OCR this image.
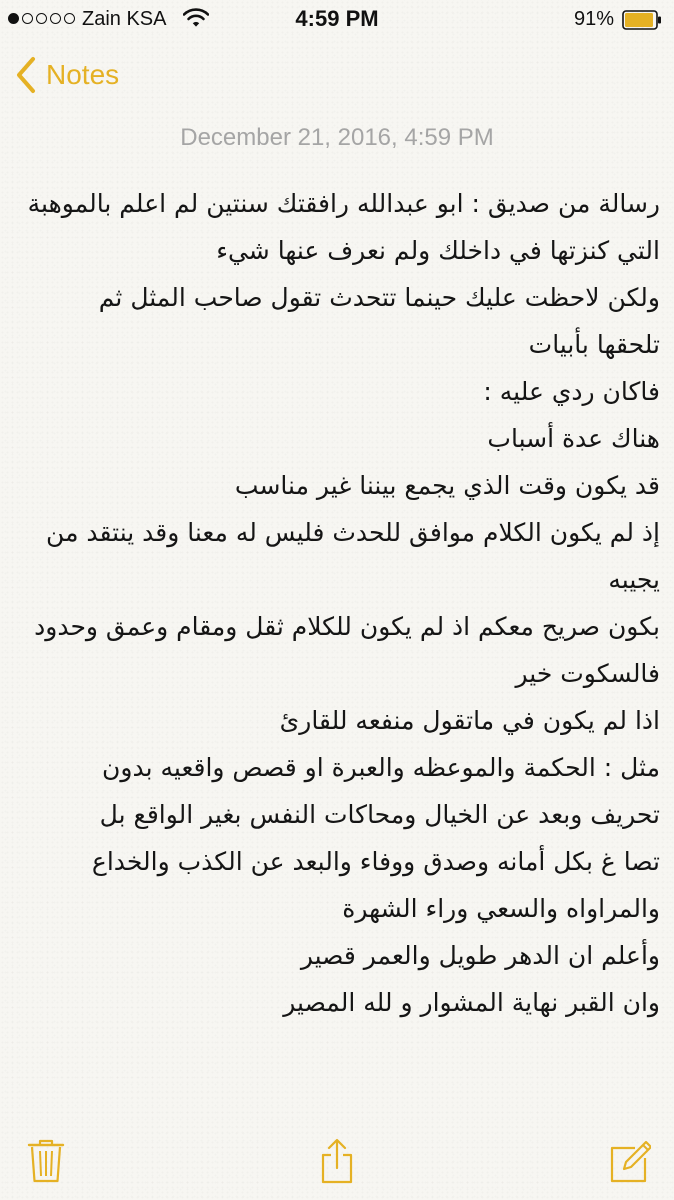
Zain KSA	4:59 PM	91%
Notes
December 21, 2016, 4:59 PM
رسالة من صديق : ابو عبدالله رافقتك سنتين لم اعلم بالموهبة
التي كنزتها في داخلك ولم نعرف عنها شيء
ولكن لاحظت عليك حينما تتحدث تقول صاحب المثل ثم
تلحقها بأبيات
فاكان ردي عليه :
هناك عدة أسباب
قد يكون وقت الذي يجمع بيننا غير مناسب
إذ لم يكون الكلام موافق للحدث فليس له معنا وقد ينتقد من
يجيبه
بكون صريح معكم اذ لم يكون للكلام ثقل ومقام وعمق وحدود
فالسكوت خير
اذا لم يكون في ماتقول منفعه للقارئ
مثل : الحكمة والموعظه والعبرة او قصص واقعيه بدون
تحريف وبعد عن الخيال ومحاكات النفس بغير الواقع بل
تصا غ بكل أمانه وصدق ووفاء والبعد عن الكذب والخداع
والمراواه والسعي وراء الشهرة
وأعلم ان الدهر طويل والعمر قصير
وان القبر نهاية المشوار و لله المصير
